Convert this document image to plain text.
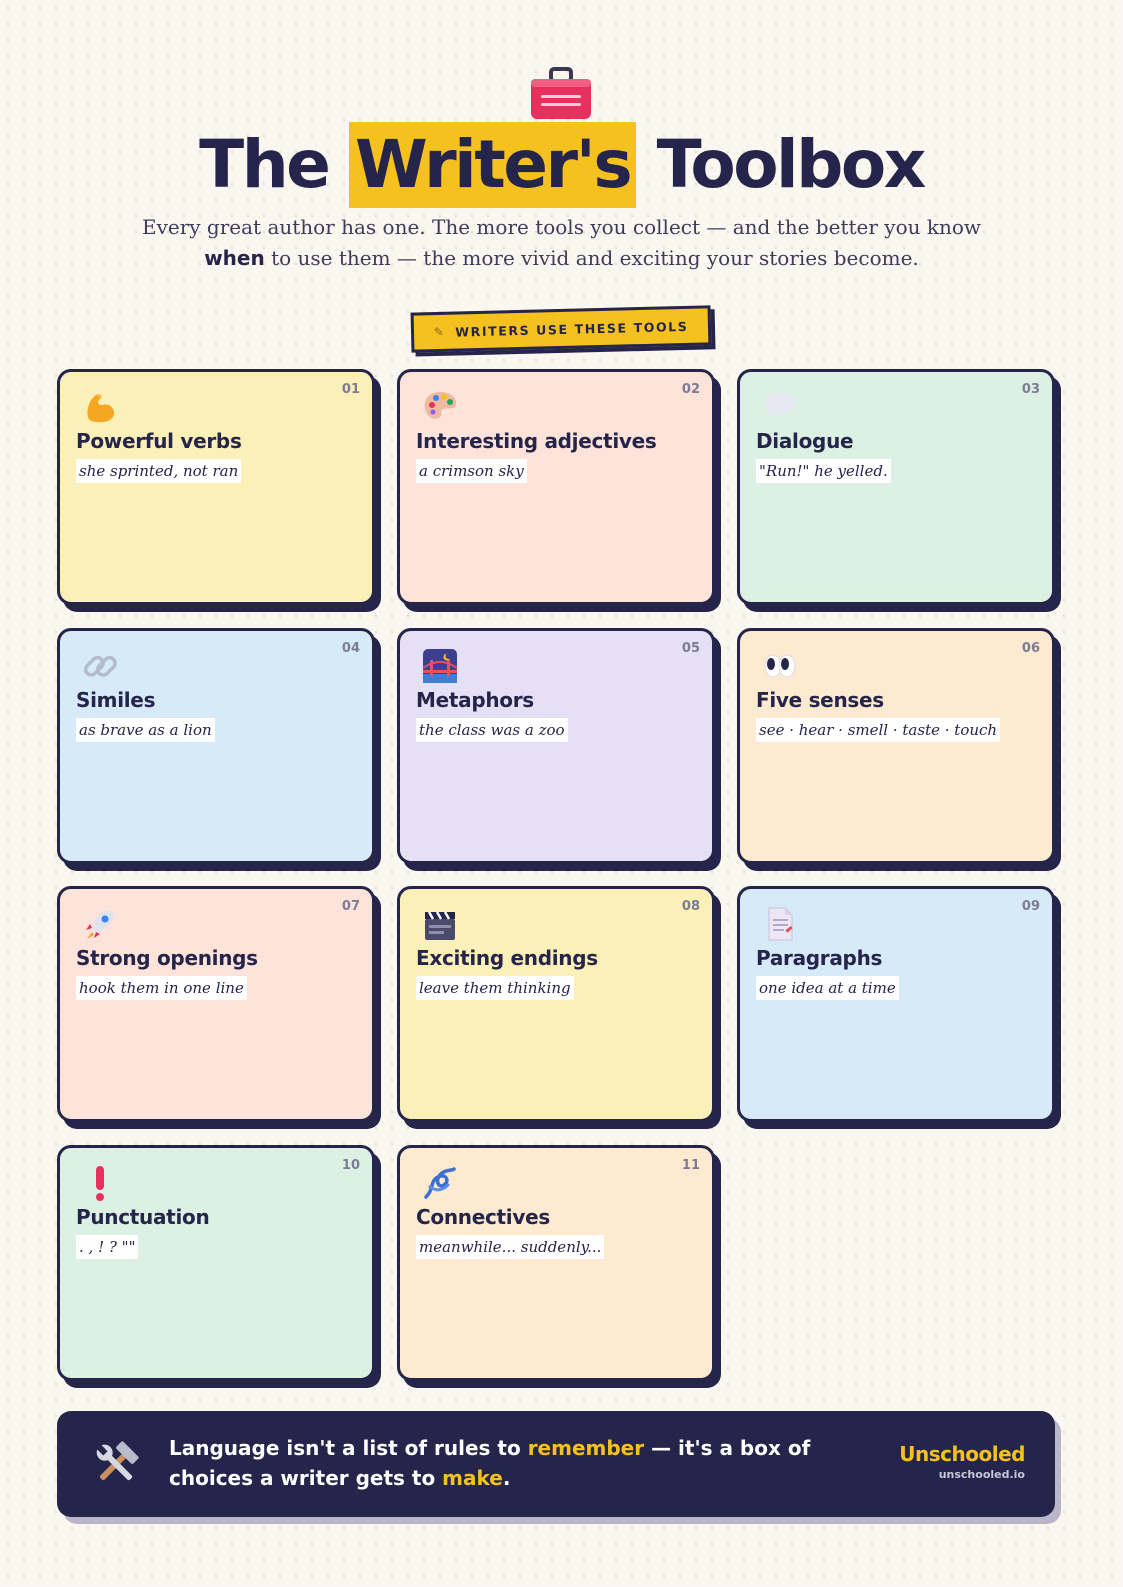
The Writer's Toolbox
Every great author has one. The more tools you collect — and the better you know when to use them — the more vivid and exciting your stories become.
✎ WRITERS USE THESE TOOLS
01
Powerful verbs
she sprinted, not ran
02
Interesting adjectives
a crimson sky
03
Dialogue
"Run!" he yelled.
04
Similes
as brave as a lion
05
Metaphors
the class was a zoo
06
Five senses
see · hear · smell · taste · touch
07
Strong openings
hook them in one line
08
Exciting endings
leave them thinking
09
Paragraphs
one idea at a time
10
Punctuation
. , ! ? ""
11
Connectives
meanwhile... suddenly...
Language isn't a list of rules to remember — it's a box of choices a writer gets to make.
Unschooled
unschooled.io
